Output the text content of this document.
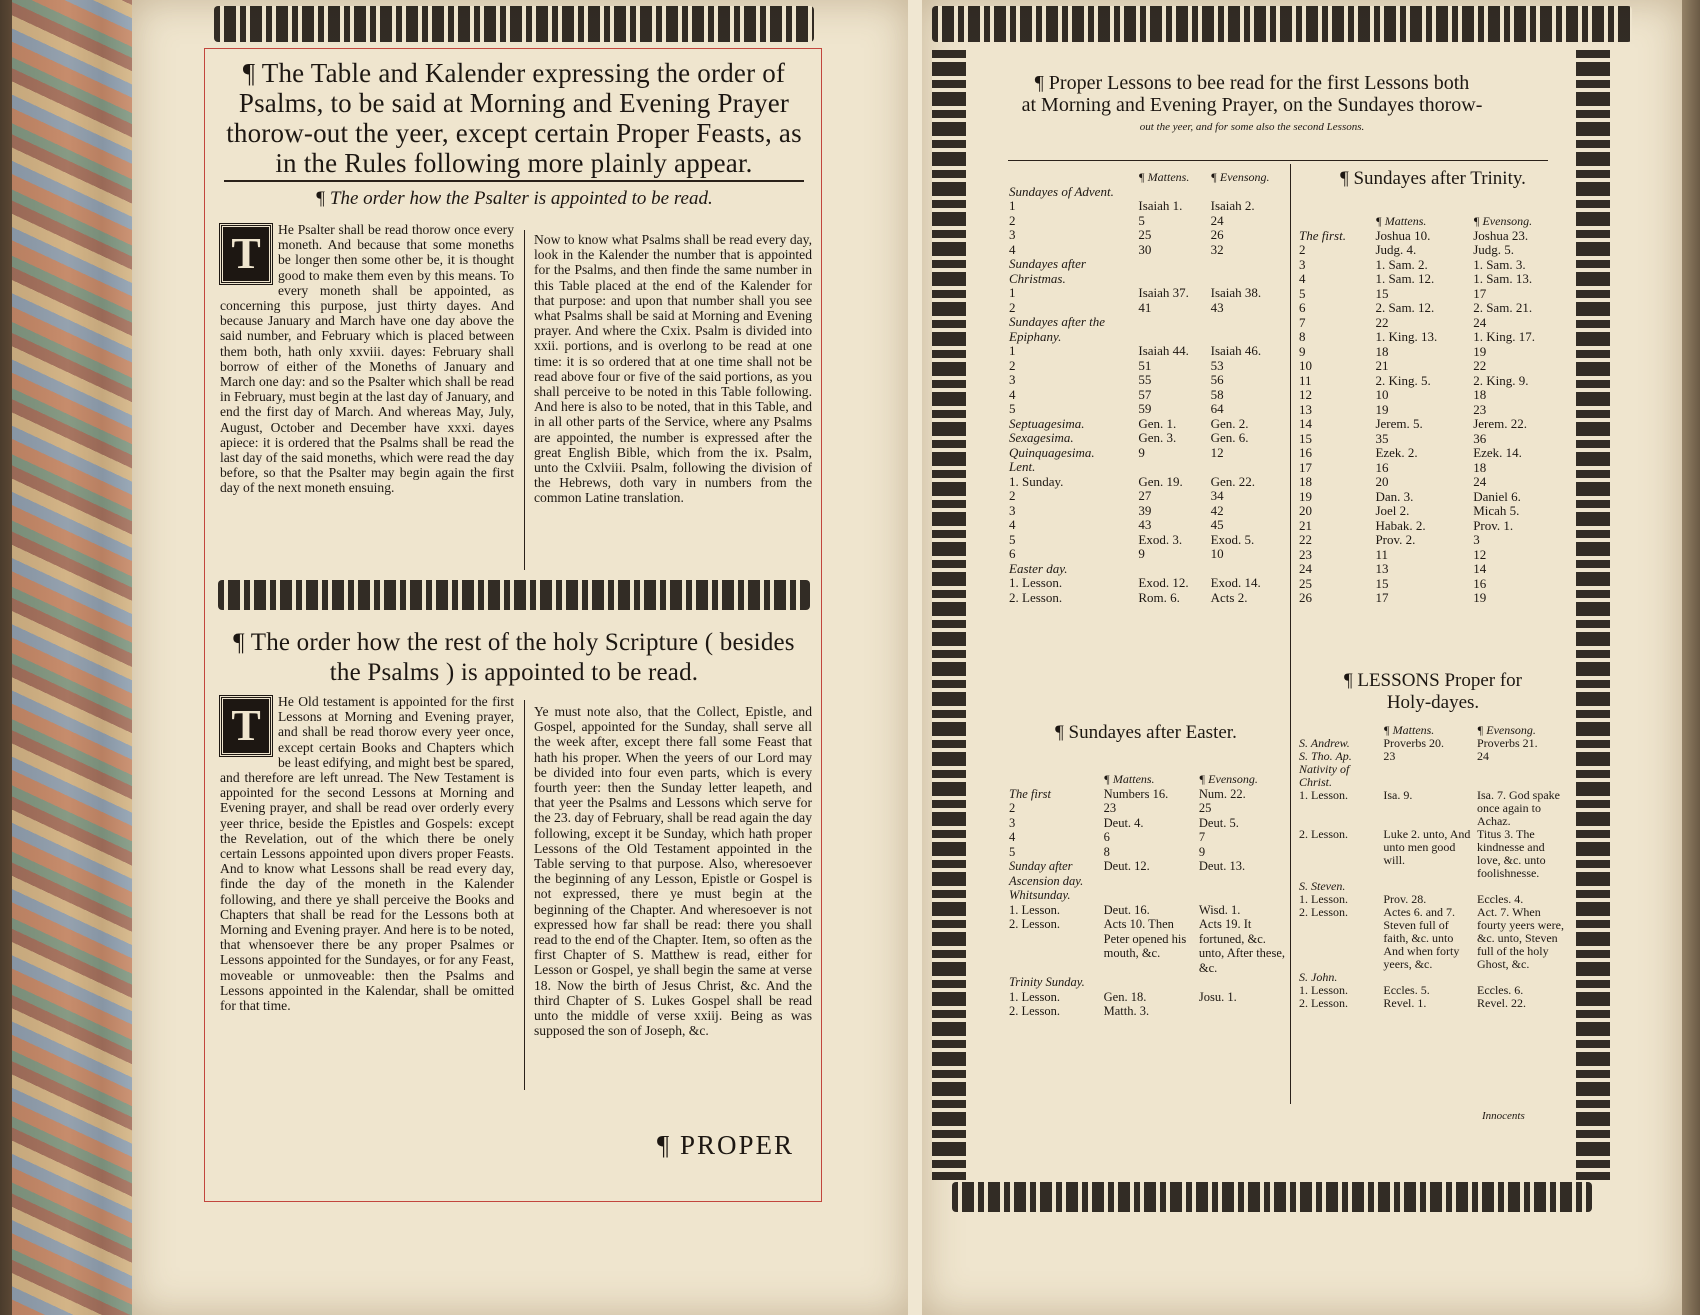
¶ The Table and Kalender expressing the order of Psalms, to be said at Morning and Evening Prayer thorow-out the yeer, except certain Proper Feasts, as in the Rules following more plainly appear.
¶ The order how the Psalter is appointed to be read.
T	He Psalter shall be read thorow once every moneth. And because that some moneths be longer then some other be, it is thought good to make them even by this means. To every moneth shall be appointed, as concerning this purpose, just thirty dayes. And because January and March have one day above the said number, and February which is placed between them both, hath only xxviii. dayes: February shall borrow of either of the Moneths of January and March one day: and so the Psalter which shall be read in February, must begin at the last day of January, and end the first day of March. And whereas May, July, August, October and December have xxxi. dayes apiece: it is ordered that the Psalms shall be read the last day of the said moneths, which were read the day before, so that the Psalter may begin again the first day of the next moneth ensuing.

Now to know what Psalms shall be read every day, look in the Kalender the number that is appointed for the Psalms, and then finde the same number in this Table placed at the end of the Kalender for that purpose: and upon that number shall you see what Psalms shall be said at Morning and Evening prayer. And where the Cxix. Psalm is divided into xxii. portions, and is overlong to be read at one time: it is so ordered that at one time shall not be read above four or five of the said portions, as you shall perceive to be noted in this Table following. And here is also to be noted, that in this Table, and in all other parts of the Service, where any Psalms are appointed, the number is expressed after the great English Bible, which from the ix. Psalm, unto the Cxlviii. Psalm, following the division of the Hebrews, doth vary in numbers from the common Latine translation.

¶ The order how the rest of the holy Scripture ( besides the Psalms ) is appointed to be read.
T	He Old testament is appointed for the first Lessons at Morning and Evening prayer, and shall be read thorow every yeer once, except certain Books and Chapters which be least edifying, and might best be spared, and therefore are left unread. The New Testament is appointed for the second Lessons at Morning and Evening prayer, and shall be read over orderly every yeer thrice, beside the Epistles and Gospels: except the Revelation, out of the which there be onely certain Lessons appointed upon divers proper Feasts. And to know what Lessons shall be read every day, finde the day of the moneth in the Kalender following, and there ye shall perceive the Books and Chapters that shall be read for the Lessons both at Morning and Evening prayer. And here is to be noted, that whensoever there be any proper Psalmes or Lessons appointed for the Sundayes, or for any Feast, moveable or unmoveable: then the Psalms and Lessons appointed in the Kalendar, shall be omitted for that time.

Ye must note also, that the Collect, Epistle, and Gospel, appointed for the Sunday, shall serve all the week after, except there fall some Feast that hath his proper. When the yeers of our Lord may be divided into four even parts, which is every fourth yeer: then the Sunday letter leapeth, and that yeer the Psalms and Lessons which serve for the 23. day of February, shall be read again the day following, except it be Sunday, which hath proper Lessons of the Old Testament appointed in the Table serving to that purpose. Also, wheresoever the beginning of any Lesson, Epistle or Gospel is not expressed, there ye must begin at the beginning of the Chapter. And wheresoever is not expressed how far shall be read: there you shall read to the end of the Chapter. Item, so often as the first Chapter of S. Matthew is read, either for Lesson or Gospel, ye shall begin the same at verse 18. Now the birth of Jesus Christ, &c. And the third Chapter of S. Lukes Gospel shall be read unto the middle of verse xxiij. Being as was supposed the son of Joseph, &c.

¶ PROPER
¶ Proper Lessons to bee read for the first Lessons both
at Morning and Evening Prayer, on the Sundayes thorow-
out the yeer, and for some also the second Lessons.
	¶ Mattens.	¶ Evensong.
Sundayes of Advent.		
1	Isaiah 1.	Isaiah 2.
2	5	24
3	25	26
4	30	32
Sundayes after Christmas.		
1	Isaiah 37.	Isaiah 38.
2	41	43
Sundayes after the Epiphany.		
1	Isaiah 44.	Isaiah 46.
2	51	53
3	55	56
4	57	58
5	59	64
Septuagesima.	Gen. 1.	Gen. 2.
Sexagesima.	Gen. 3.	Gen. 6.
Quinquagesima.	9	12
Lent.		
1. Sunday.	Gen. 19.	Gen. 22.
2	27	34
3	39	42
4	43	45
5	Exod. 3.	Exod. 5.
6	9	10
Easter day.		
1. Lesson.	Exod. 12.	Exod. 14.
2. Lesson.	Rom. 6.	Acts 2.
¶ Sundayes after Easter.
	¶ Mattens.	¶ Evensong.
The first	Numbers 16.	Num. 22.
2	23	25
3	Deut. 4.	Deut. 5.
4	6	7
5	8	9
Sunday after Ascension day.	Deut. 12.	Deut. 13.
Whitsunday.		
1. Lesson.	Deut. 16.	Wisd. 1.
2. Lesson.	Acts 10. Then Peter opened his mouth, &c.	Acts 19. It fortuned, &c. unto, After these, &c.
Trinity Sunday.		
1. Lesson.	Gen. 18.	Josu. 1.
2. Lesson.	Matth. 3.	
¶ Sundayes after Trinity.
	¶ Mattens.	¶ Evensong.
The first.	Joshua 10.	Joshua 23.
2	Judg. 4.	Judg. 5.
3	1. Sam. 2.	1. Sam. 3.
4	1. Sam. 12.	1. Sam. 13.
5	15	17
6	2. Sam. 12.	2. Sam. 21.
7	22	24
8	1. King. 13.	1. King. 17.
9	18	19
10	21	22
11	2. King. 5.	2. King. 9.
12	10	18
13	19	23
14	Jerem. 5.	Jerem. 22.
15	35	36
16	Ezek. 2.	Ezek. 14.
17	16	18
18	20	24
19	Dan. 3.	Daniel 6.
20	Joel 2.	Micah 5.
21	Habak. 2.	Prov. 1.
22	Prov. 2.	3
23	11	12
24	13	14
25	15	16
26	17	19
¶ LESSONS Proper for
Holy-dayes.
	¶ Mattens.	¶ Evensong.
S. Andrew.	Proverbs 20.	Proverbs 21.
S. Tho. Ap.	23	24
Nativity of Christ.		
1. Lesson.	Isa. 9.	Isa. 7. God spake once again to Achaz.
2. Lesson.	Luke 2. unto, And unto men good will.	Titus 3. The kindnesse and love, &c. unto foolishnesse.
S. Steven.		
1. Lesson.	Prov. 28.	Eccles. 4.
2. Lesson.	Actes 6. and 7. Steven full of faith, &c. unto And when forty yeers, &c.	Act. 7. When fourty yeers were, &c. unto, Steven full of the holy Ghost, &c.
S. John.		
1. Lesson.	Eccles. 5.	Eccles. 6.
2. Lesson.	Revel. 1.	Revel. 22.
Innocents
